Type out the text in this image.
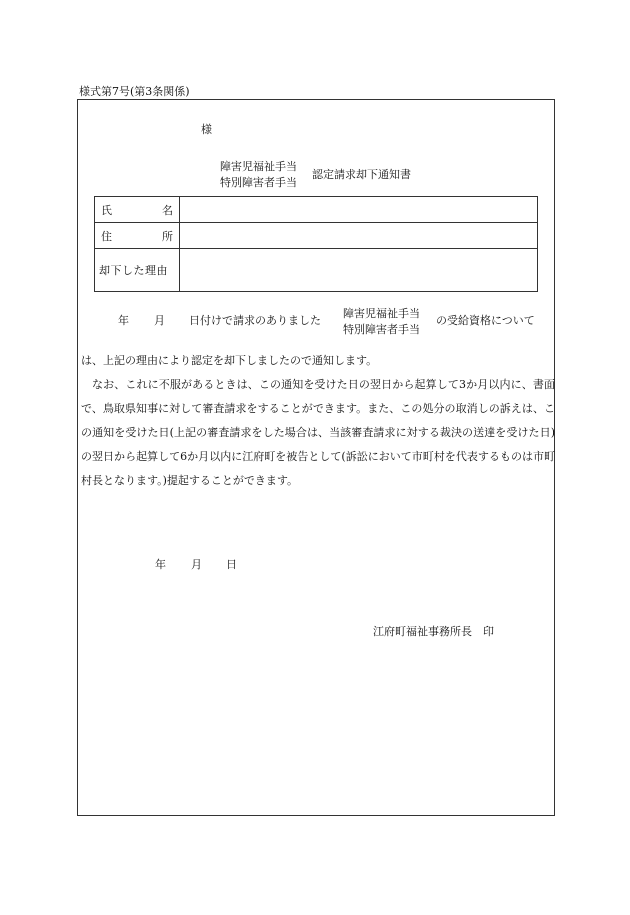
様式第7号(第3条関係)
様
障害児福祉手当
特別障害者手当
認定請求却下通知書
氏 名	

住 所	

却下した理由	

年 月 日付けで請求のありました
障害児福祉手当
特別障害者手当
の受給資格について

は、上記の理由により認定を却下しましたので通知します。

なお、これに不服があるときは、この通知を受けた日の翌日から起算して3か月以内に、書面で、鳥取県知事に対して審査請求をすることができます。また、この処分の取消しの訴えは、この通知を受けた日(上記の審査請求をした場合は、当該審査請求に対する裁決の送達を受けた日)の翌日から起算して6か月以内に江府町を被告として(訴訟において市町村を代表するものは市町村長となります。)提起することができます。

年 月 日
江府町福祉事務所長　印
